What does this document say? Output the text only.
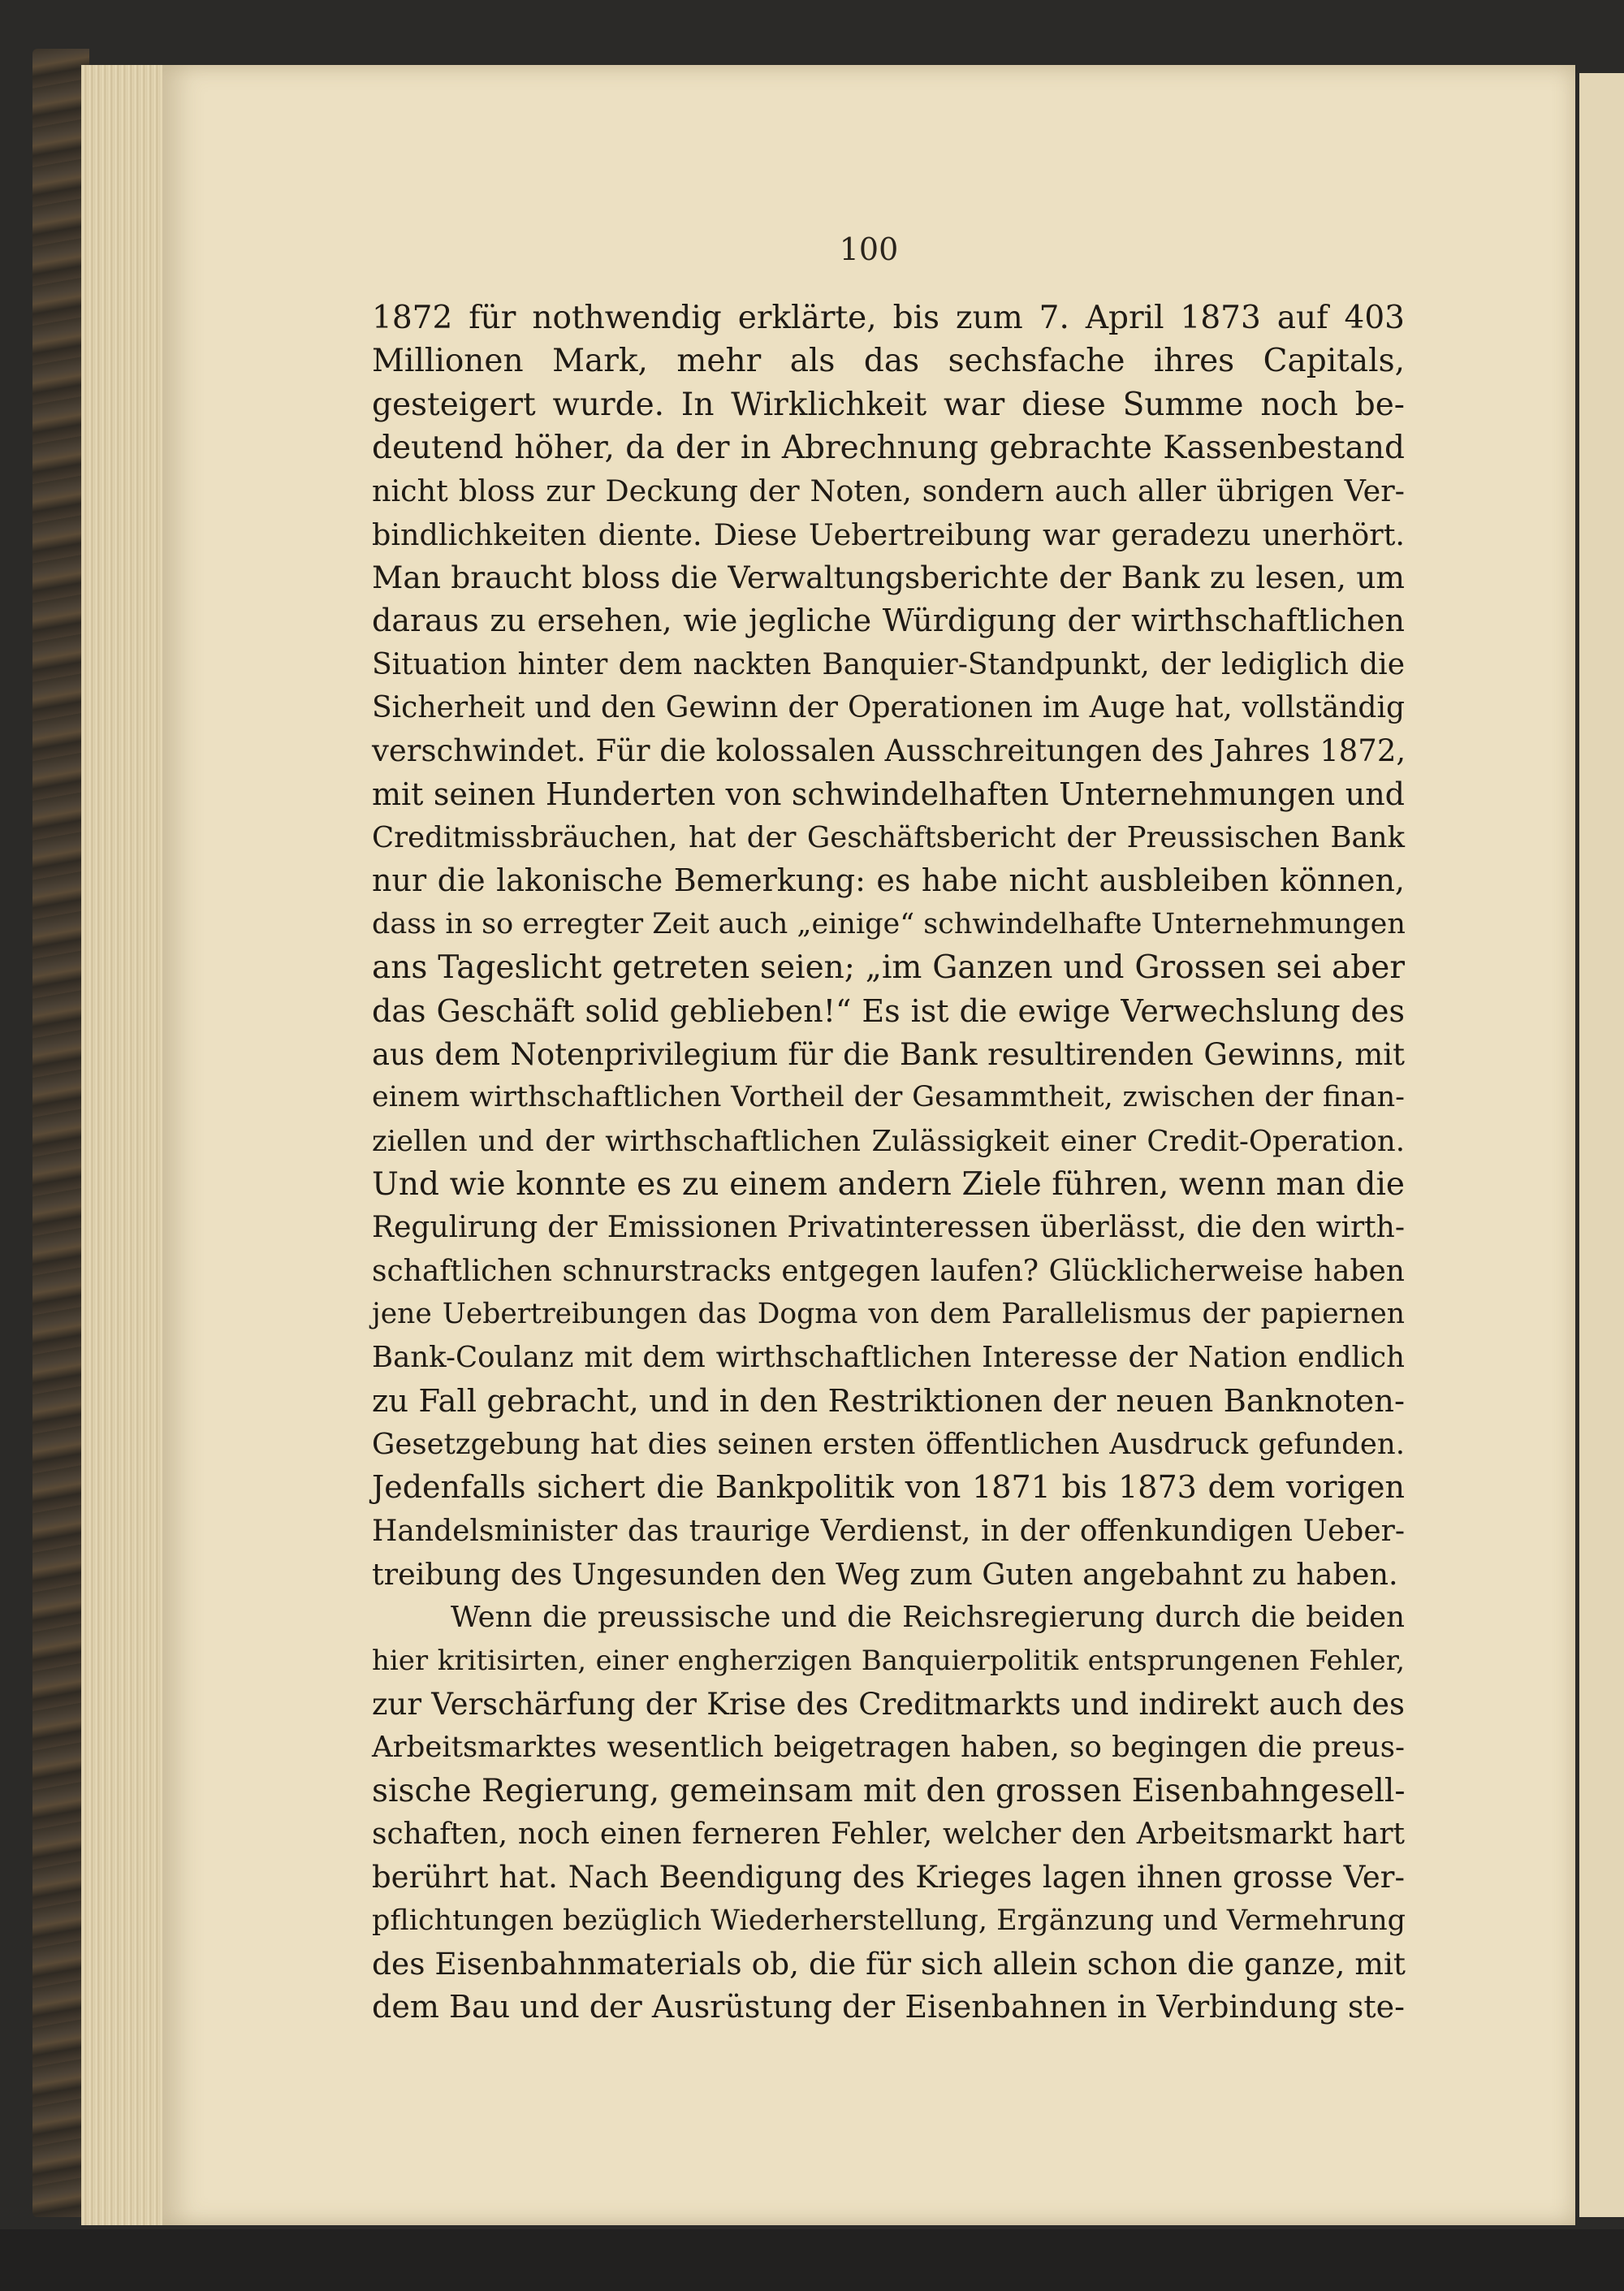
100
1872 für nothwendig erklärte, bis zum 7. April 1873 auf 403
Millionen Mark, mehr als das sechsfache ihres Capitals,
gesteigert wurde. In Wirklichkeit war diese Summe noch be-
deutend höher, da der in Abrechnung gebrachte Kassenbestand
nicht bloss zur Deckung der Noten, sondern auch aller übrigen Ver-
bindlichkeiten diente. Diese Uebertreibung war geradezu unerhört.
Man braucht bloss die Verwaltungsberichte der Bank zu lesen, um
daraus zu ersehen, wie jegliche Würdigung der wirthschaftlichen
Situation hinter dem nackten Banquier-Standpunkt, der lediglich die
Sicherheit und den Gewinn der Operationen im Auge hat, vollständig
verschwindet. Für die kolossalen Ausschreitungen des Jahres 1872,
mit seinen Hunderten von schwindelhaften Unternehmungen und
Creditmissbräuchen, hat der Geschäftsbericht der Preussischen Bank
nur die lakonische Bemerkung: es habe nicht ausbleiben können,
dass in so erregter Zeit auch „einige“ schwindelhafte Unternehmungen
ans Tageslicht getreten seien; „im Ganzen und Grossen sei aber
das Geschäft solid geblieben!“ Es ist die ewige Verwechslung des
aus dem Notenprivilegium für die Bank resultirenden Gewinns, mit
einem wirthschaftlichen Vortheil der Gesammtheit, zwischen der finan-
ziellen und der wirthschaftlichen Zulässigkeit einer Credit-Operation.
Und wie konnte es zu einem andern Ziele führen, wenn man die
Regulirung der Emissionen Privatinteressen überlässt, die den wirth-
schaftlichen schnurstracks entgegen laufen? Glücklicherweise haben
jene Uebertreibungen das Dogma von dem Parallelismus der papiernen
Bank-Coulanz mit dem wirthschaftlichen Interesse der Nation endlich
zu Fall gebracht, und in den Restriktionen der neuen Banknoten-
Gesetzgebung hat dies seinen ersten öffentlichen Ausdruck gefunden.
Jedenfalls sichert die Bankpolitik von 1871 bis 1873 dem vorigen
Handelsminister das traurige Verdienst, in der offenkundigen Ueber-
treibung des Ungesunden den Weg zum Guten angebahnt zu haben.
Wenn die preussische und die Reichsregierung durch die beiden
hier kritisirten, einer engherzigen Banquierpolitik entsprungenen Fehler,
zur Verschärfung der Krise des Creditmarkts und indirekt auch des
Arbeitsmarktes wesentlich beigetragen haben, so begingen die preus-
sische Regierung, gemeinsam mit den grossen Eisenbahngesell-
schaften, noch einen ferneren Fehler, welcher den Arbeitsmarkt hart
berührt hat. Nach Beendigung des Krieges lagen ihnen grosse Ver-
pflichtungen bezüglich Wiederherstellung, Ergänzung und Vermehrung
des Eisenbahnmaterials ob, die für sich allein schon die ganze, mit
dem Bau und der Ausrüstung der Eisenbahnen in Verbindung ste-
